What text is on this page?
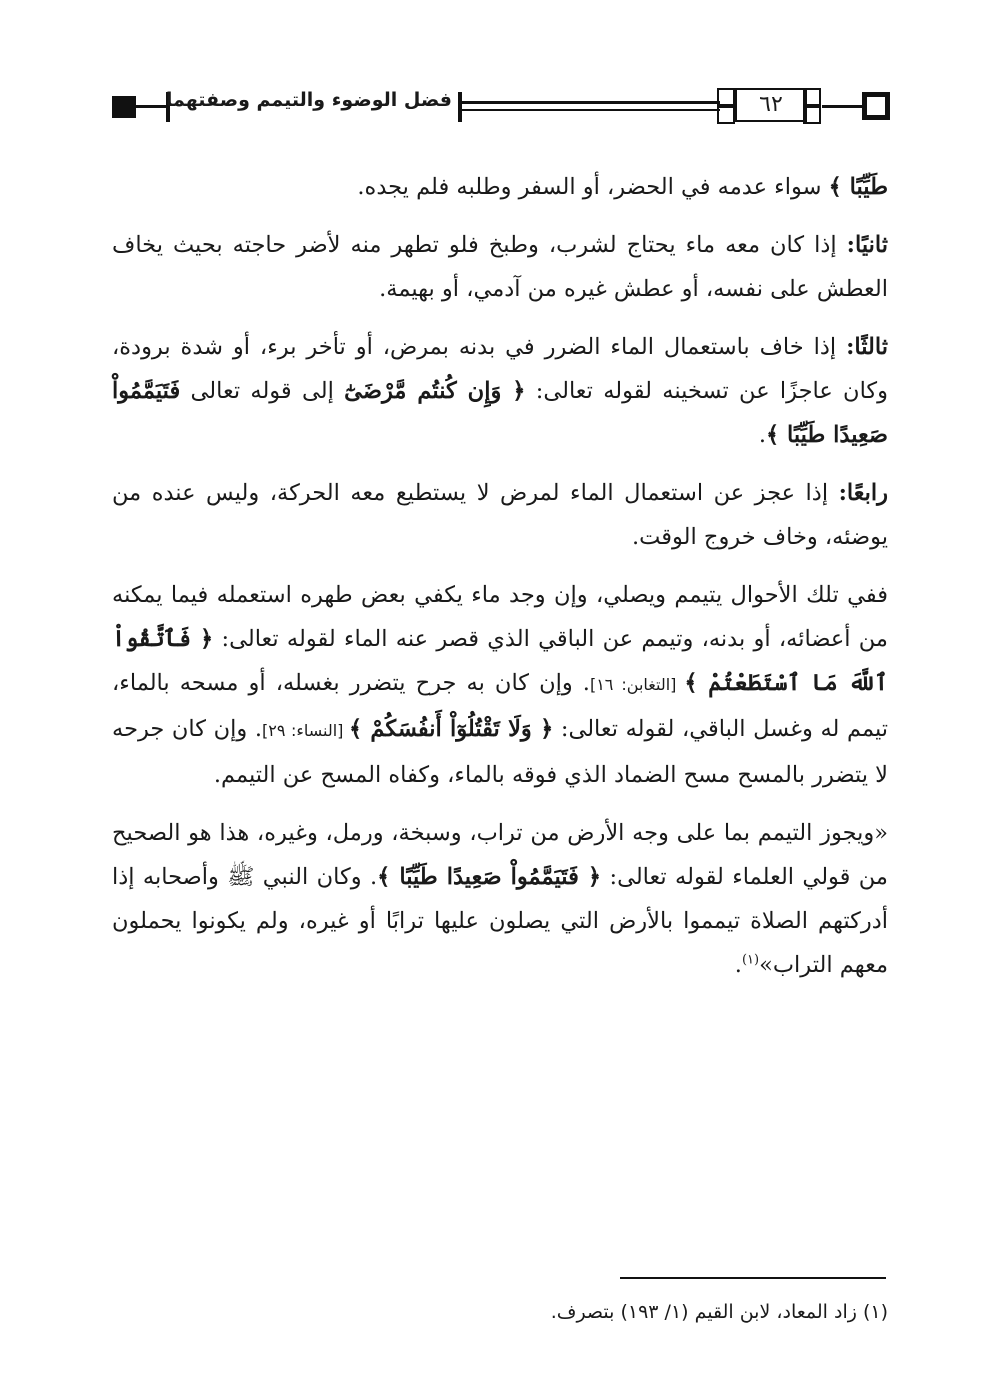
فضل الوضوء والتيمم وصفتهما	٦٢

طَيِّبًا ﴾ سواء عدمه في الحضر، أو السفر وطلبه فلم يجده.

ثانيًا: إذا كان معه ماء يحتاج لشرب، وطبخ فلو تطهر منه لأضر حاجته بحيث يخاف العطش على نفسه، أو عطش غيره من آدمي، أو بهيمة.

ثالثًا: إذا خاف باستعمال الماء الضرر في بدنه بمرض، أو تأخر برء، أو شدة برودة، وكان عاجزًا عن تسخينه لقوله تعالى: ﴿ وَإِن كُنتُم مَّرْضَىٰٓ إلى قوله تعالى فَتَيَمَّمُواْ صَعِيدًا طَيِّبًا ﴾.

رابعًا: إذا عجز عن استعمال الماء لمرض لا يستطيع معه الحركة، وليس عنده من يوضئه، وخاف خروج الوقت.

ففي تلك الأحوال يتيمم ويصلي، وإن وجد ماء يكفي بعض طهره استعمله فيما يمكنه من أعضائه، أو بدنه، وتيمم عن الباقي الذي قصر عنه الماء لقوله تعالى: ﴿ فَٱتَّقُواْ ٱللَّهَ مَا ٱسْتَطَعْتُمْ ﴾ [التغابن: ١٦]. وإن كان به جرح يتضرر بغسله، أو مسحه بالماء، تيمم له وغسل الباقي، لقوله تعالى: ﴿ وَلَا تَقْتُلُوٓاْ أَنفُسَكُمْ ﴾ [النساء: ٢٩]. وإن كان جرحه لا يتضرر بالمسح مسح الضماد الذي فوقه بالماء، وكفاه المسح عن التيمم.

«ويجوز التيمم بما على وجه الأرض من تراب، وسبخة، ورمل، وغيره، هذا هو الصحيح من قولي العلماء لقوله تعالى: ﴿ فَتَيَمَّمُواْ صَعِيدًا طَيِّبًا ﴾. وكان النبي ﷺ وأصحابه إذا أدركتهم الصلاة تيمموا بالأرض التي يصلون عليها ترابًا أو غيره، ولم يكونوا يحملون معهم التراب»$^{(١)}$.

(١) زاد المعاد، لابن القيم (١/ ١٩٣) بتصرف.
